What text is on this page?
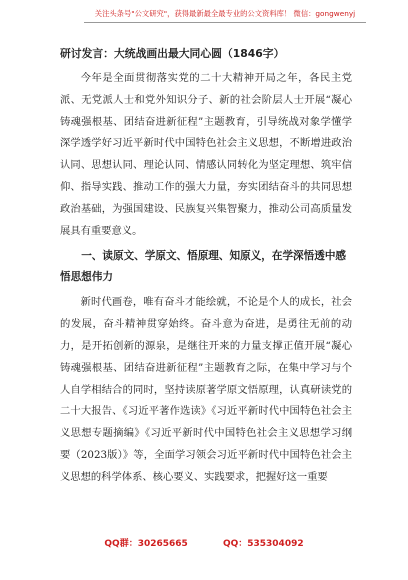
关注头条号"公文研究"，获得最新最全最专业的公文资料库！ 微信：gongwenyj
研讨发言：大统战画出最大同心圆（1846字）

今年是全面贯彻落实党的二十大精神开局之年，各民主党派、无党派人士和党外知识分子、新的社会阶层人士开展“凝心铸魂强根基、团结奋进新征程”主题教育，引导统战对象学懂学深学透学好习近平新时代中国特色社会主义思想，不断增进政治认同、思想认同、理论认同、情感认同转化为坚定理想、筑牢信仰、指导实践、推动工作的强大力量，夯实团结奋斗的共同思想政治基础，为强国建设、民族复兴集智聚力，推动公司高质量发展具有重要意义。

一、读原文、学原文、悟原理、知原义，在学深悟透中感悟思想伟力

新时代画卷，唯有奋斗才能绘就，不论是个人的成长，社会的发展，奋斗精神贯穿始终。奋斗意为奋进，是勇往无前的动力，是开拓创新的源泉，是继往开来的力量支撑正值开展“凝心铸魂强根基、团结奋进新征程”主题教育之际，在集中学习与个人自学相结合的同时，坚持读原著学原文悟原理，认真研读党的二十大报告、《习近平著作选读》《习近平新时代中国特色社会主义思想专题摘编》《习近平新时代中国特色社会主义思想学习纲要（2023版）》等，全面学习领会习近平新时代中国特色社会主义思想的科学体系、核心要义、实践要求，把握好这一重要

QQ群：30265665	QQ：535304092
